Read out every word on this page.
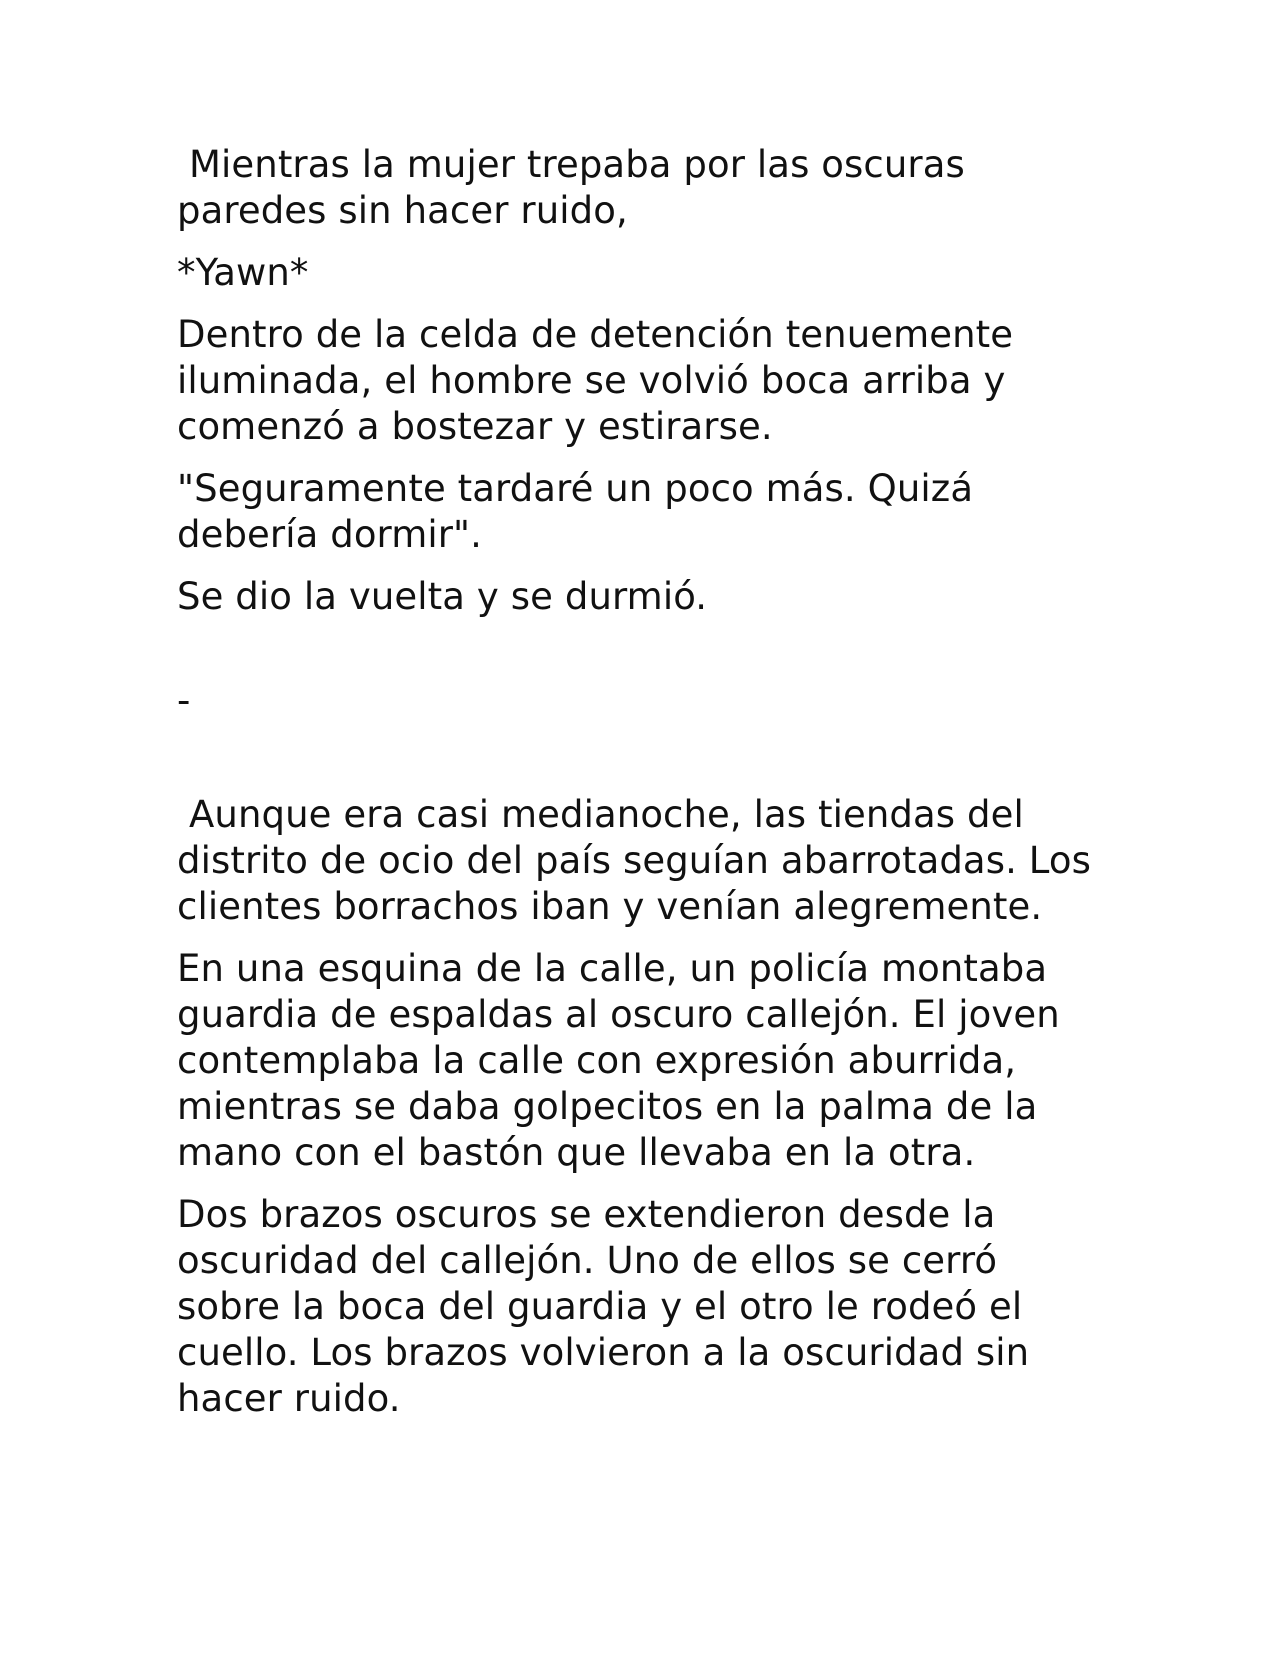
Mientras la mujer trepaba por las oscuras paredes sin hacer ruido,

*Yawn*

Dentro de la celda de detención tenuemente iluminada, el hombre se volvió boca arriba y comenzó a bostezar y estirarse.

"Seguramente tardaré un poco más. Quizá debería dormir".

Se dio la vuelta y se durmió.

-

Aunque era casi medianoche, las tiendas del distrito de ocio del país seguían abarrotadas. Los clientes borrachos iban y venían alegremente.

En una esquina de la calle, un policía montaba guardia de espaldas al oscuro callejón. El joven contemplaba la calle con expresión aburrida, mientras se daba golpecitos en la palma de la mano con el bastón que llevaba en la otra.

Dos brazos oscuros se extendieron desde la oscuridad del callejón. Uno de ellos se cerró sobre la boca del guardia y el otro le rodeó el cuello. Los brazos volvieron a la oscuridad sin hacer ruido.
